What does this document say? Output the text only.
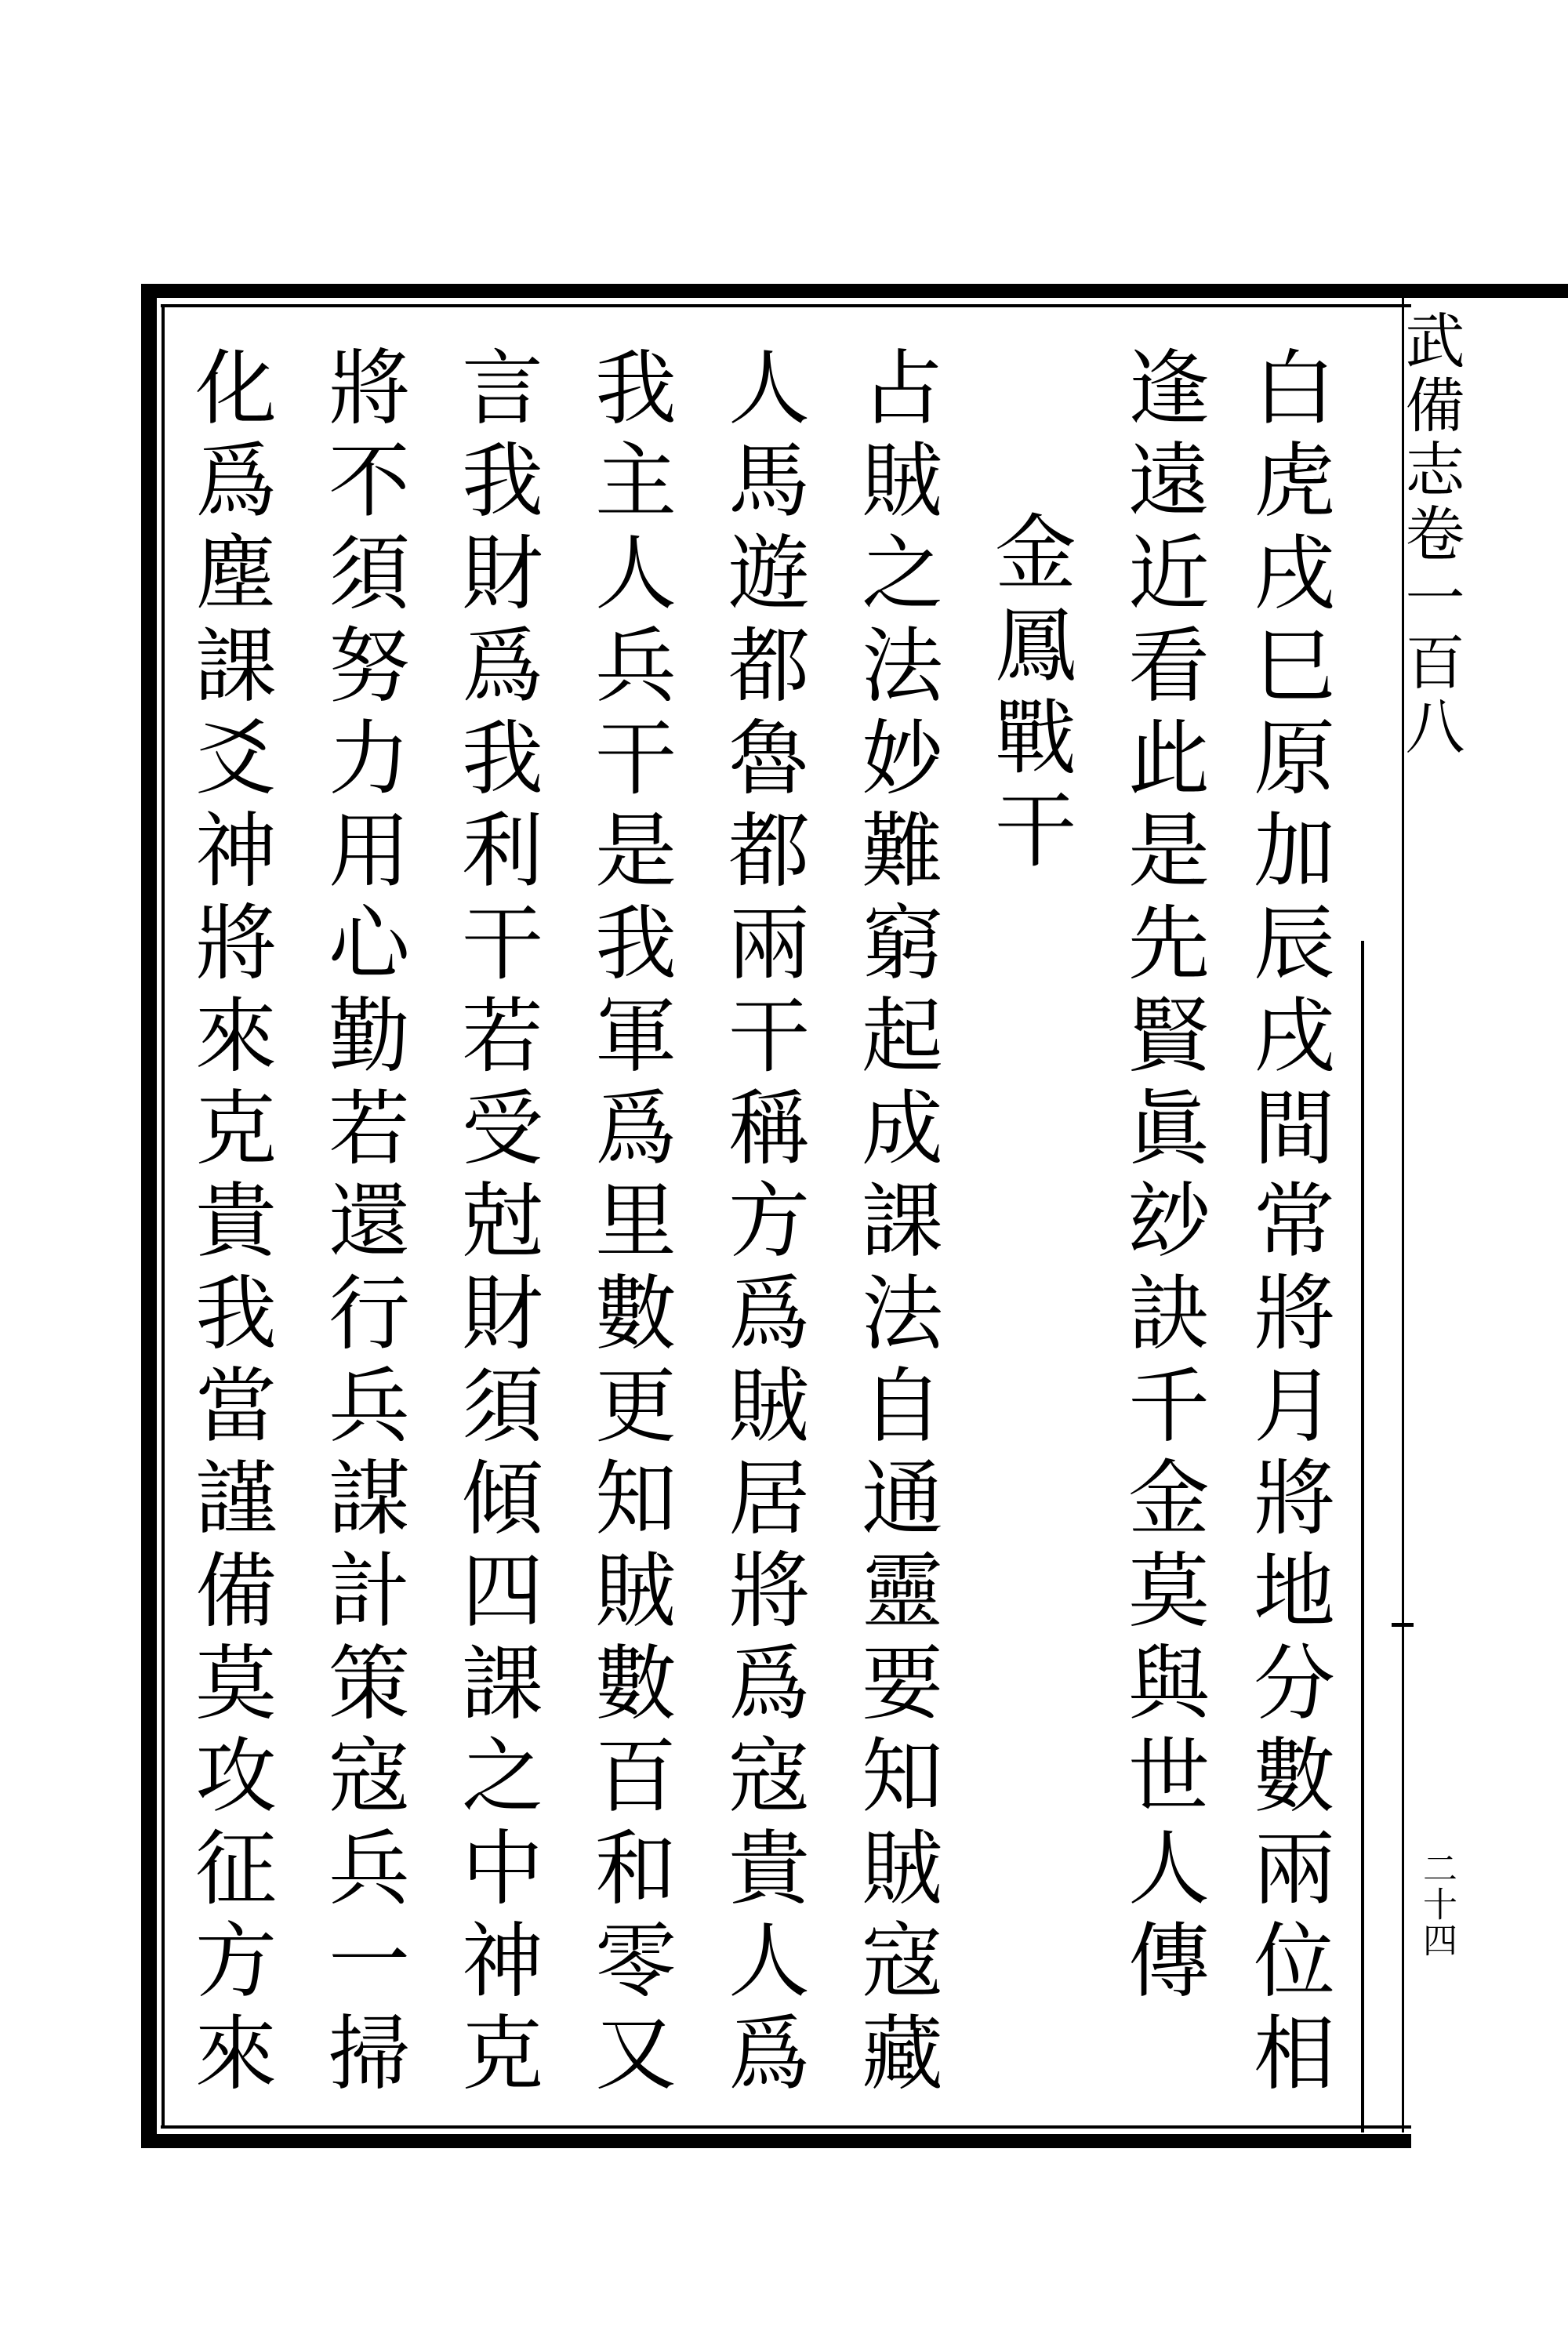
武備志卷一百八
二十四
白虎戌巳原加辰戌間常將月將地分數兩位相
逢遠近看此是先賢眞玅訣千金莫與世人傳
金鳳戰干
占賊之法妙難窮起成課法自通靈要知賊寇藏
人馬遊都魯都兩干稱方爲賊居將爲寇貴人爲
我主人兵干是我軍爲里數更知賊數百和零又
言我財爲我利干若受尅財須傾四課之中神克
將不須努力用心勤若還行兵謀計策寇兵一掃
化爲塵課爻神將來克貴我當謹備莫攻征方來
